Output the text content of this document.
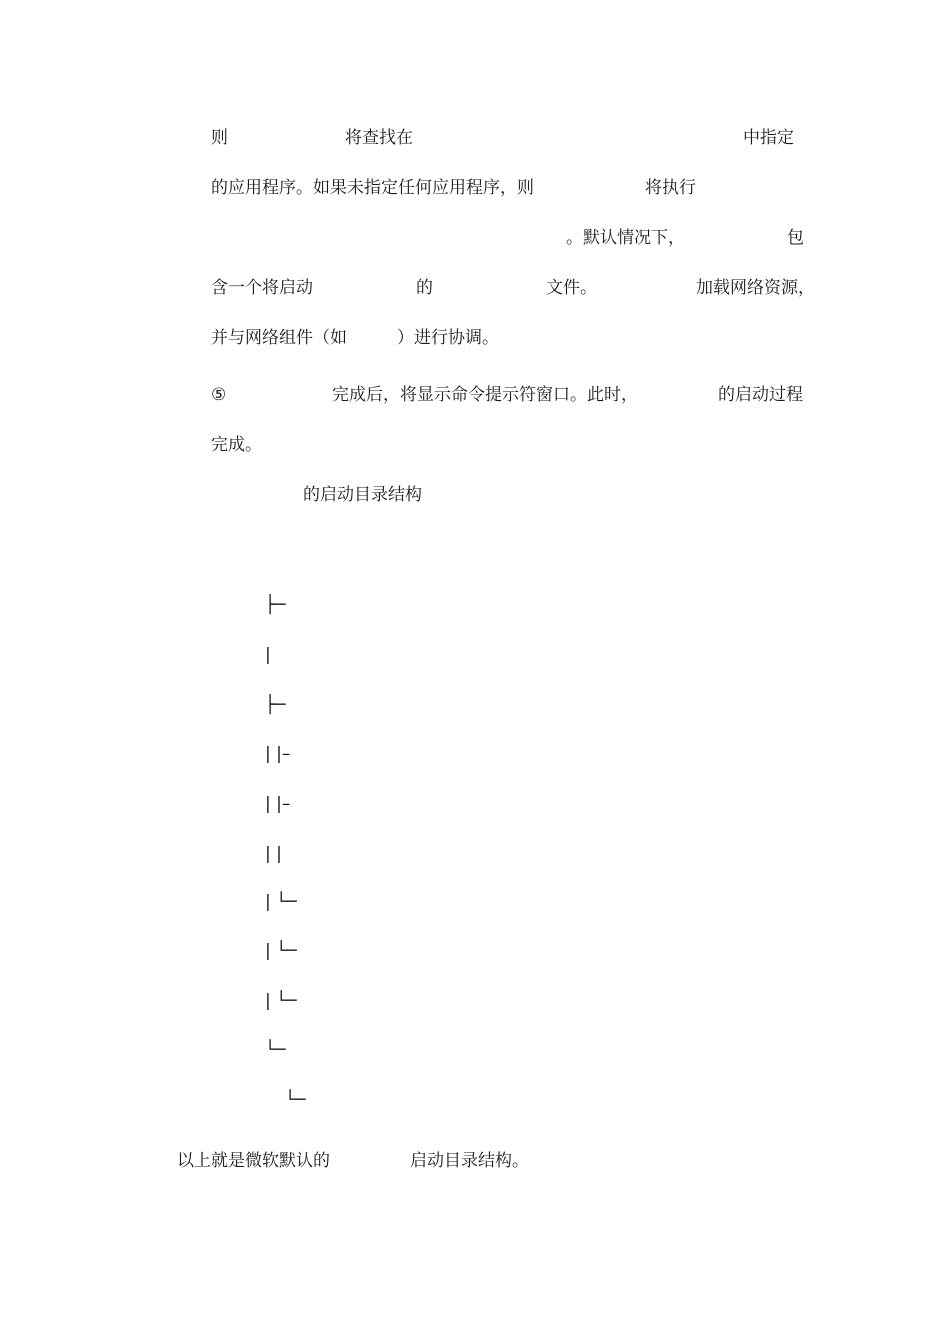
则	将查找在	中指定
的应用程序。如果未指定任何应用程序，则	将执行
。默认情况下，	包
含一个将启动	的	文件。	加载网络资源，
并与网络组件（如	）进行协调。
⑤	完成后，将显示命令提示符窗口。此时，	的启动过程
完成。
的启动目录结构
├─
|
├─
| |–
| |–
| |
| └─
| └─
| └─
└─
└─
以上就是微软默认的	启动目录结构。
